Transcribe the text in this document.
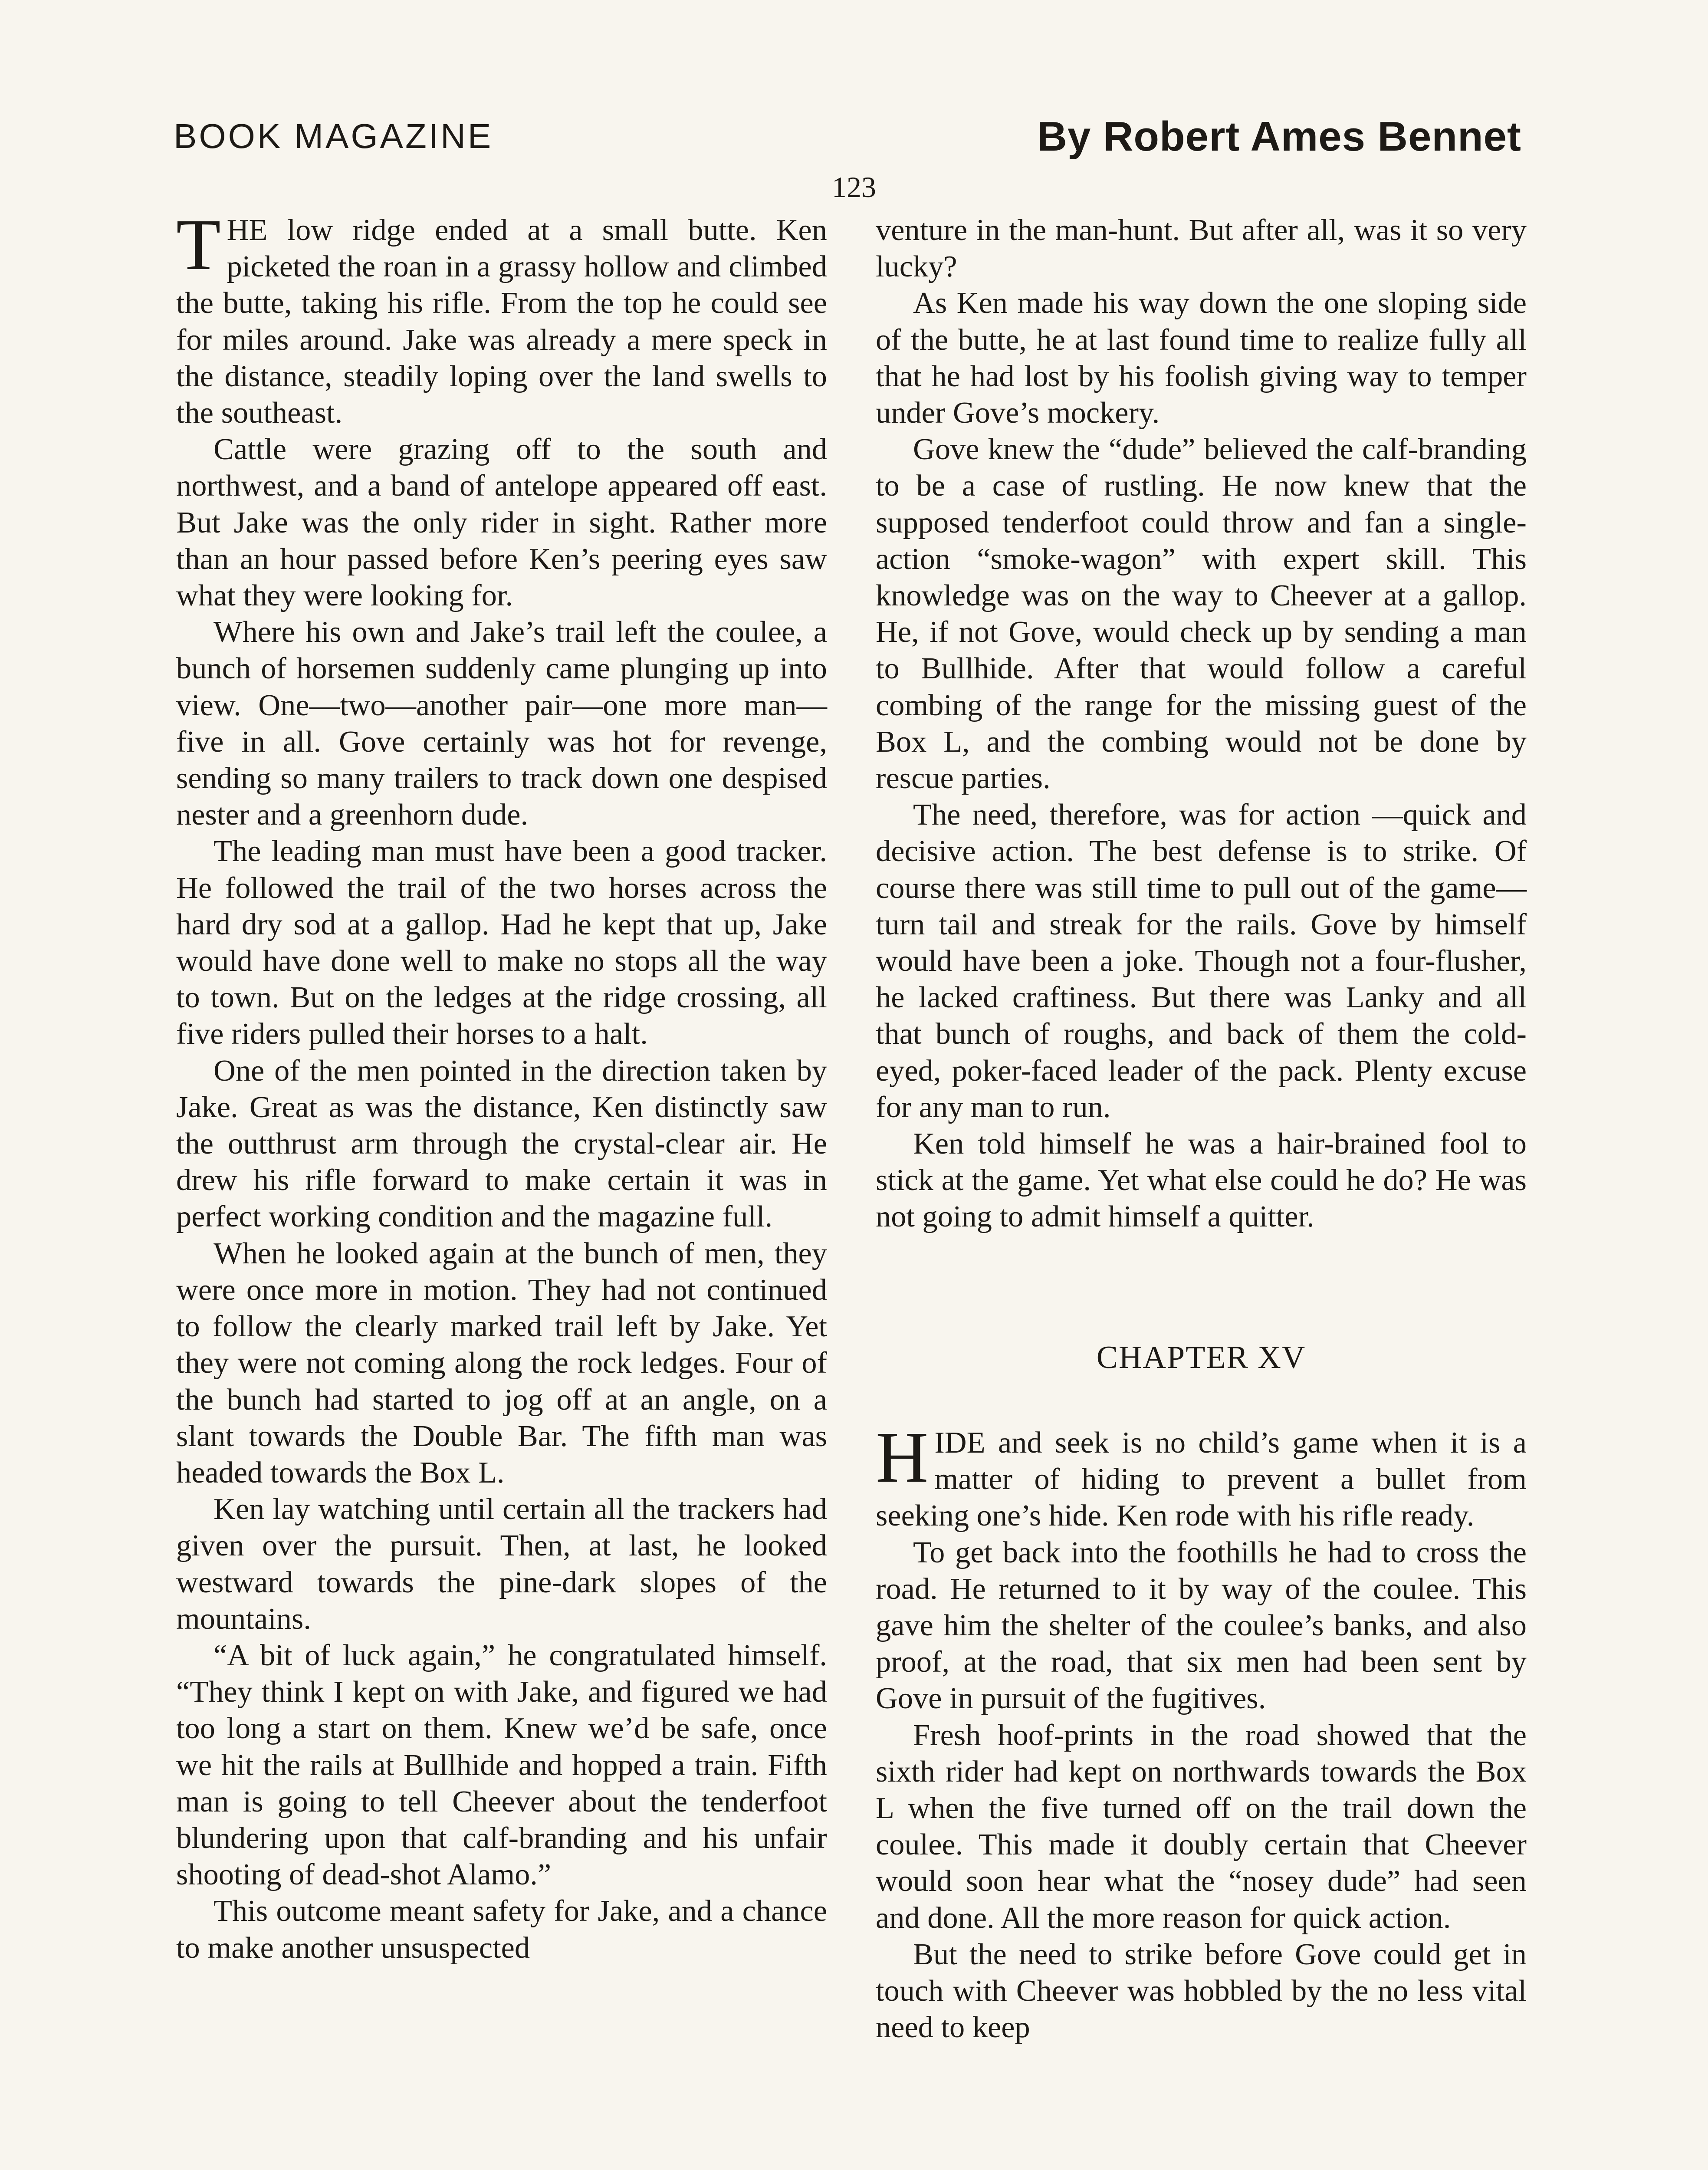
BOOK MAGAZINE	By Robert Ames Bennet
123

THE low ridge ended at a small butte. Ken picketed the roan in a grassy hollow and climbed the butte, taking his rifle. From the top he could see for miles around. Jake was already a mere speck in the distance, steadily loping over the land swells to the southeast.

Cattle were grazing off to the south and northwest, and a band of antelope appeared off east. But Jake was the only rider in sight. Rather more than an hour passed before Ken’s peering eyes saw what they were looking for.

Where his own and Jake’s trail left the coulee, a bunch of horsemen suddenly came plunging up into view. One—two—another pair—one more man—five in all. Gove certainly was hot for revenge, sending so many trailers to track down one despised nester and a greenhorn dude.

The leading man must have been a good tracker. He followed the trail of the two horses across the hard dry sod at a gallop. Had he kept that up, Jake would have done well to make no stops all the way to town. But on the ledges at the ridge crossing, all five riders pulled their horses to a halt.

One of the men pointed in the direction taken by Jake. Great as was the distance, Ken distinctly saw the outthrust arm through the crystal-clear air. He drew his rifle forward to make certain it was in perfect working condition and the magazine full.

When he looked again at the bunch of men, they were once more in motion. They had not continued to follow the clearly marked trail left by Jake. Yet they were not coming along the rock ledges. Four of the bunch had started to jog off at an angle, on a slant towards the Double Bar. The fifth man was headed towards the Box L.

Ken lay watching until certain all the trackers had given over the pursuit. Then, at last, he looked westward towards the pine-dark slopes of the mountains.

“A bit of luck again,” he congratulated himself. “They think I kept on with Jake, and figured we had too long a start on them. Knew we’d be safe, once we hit the rails at Bullhide and hopped a train. Fifth man is going to tell Cheever about the tenderfoot blundering upon that calf-branding and his unfair shooting of dead-shot Alamo.”

This outcome meant safety for Jake, and a chance to make another unsuspected

venture in the man-hunt. But after all, was it so very lucky?

As Ken made his way down the one sloping side of the butte, he at last found time to realize fully all that he had lost by his foolish giving way to temper under Gove’s mockery.

Gove knew the “dude” believed the calf-branding to be a case of rustling. He now knew that the supposed tenderfoot could throw and fan a single-action “smoke-wagon” with expert skill. This knowledge was on the way to Cheever at a gallop. He, if not Gove, would check up by sending a man to Bullhide. After that would follow a careful combing of the range for the missing guest of the Box L, and the combing would not be done by rescue parties.

The need, therefore, was for action —quick and decisive action. The best defense is to strike. Of course there was still time to pull out of the game—turn tail and streak for the rails. Gove by himself would have been a joke. Though not a four-flusher, he lacked craftiness. But there was Lanky and all that bunch of roughs, and back of them the cold-eyed, poker-faced leader of the pack. Plenty excuse for any man to run.

Ken told himself he was a hair-brained fool to stick at the game. Yet what else could he do? He was not going to admit himself a quitter.

CHAPTER XV

HIDE and seek is no child’s game when it is a matter of hiding to prevent a bullet from seeking one’s hide. Ken rode with his rifle ready.

To get back into the foothills he had to cross the road. He returned to it by way of the coulee. This gave him the shelter of the coulee’s banks, and also proof, at the road, that six men had been sent by Gove in pursuit of the fugitives.

Fresh hoof-prints in the road showed that the sixth rider had kept on northwards towards the Box L when the five turned off on the trail down the coulee. This made it doubly certain that Cheever would soon hear what the “nosey dude” had seen and done. All the more reason for quick action.

But the need to strike before Gove could get in touch with Cheever was hobbled by the no less vital need to keep
